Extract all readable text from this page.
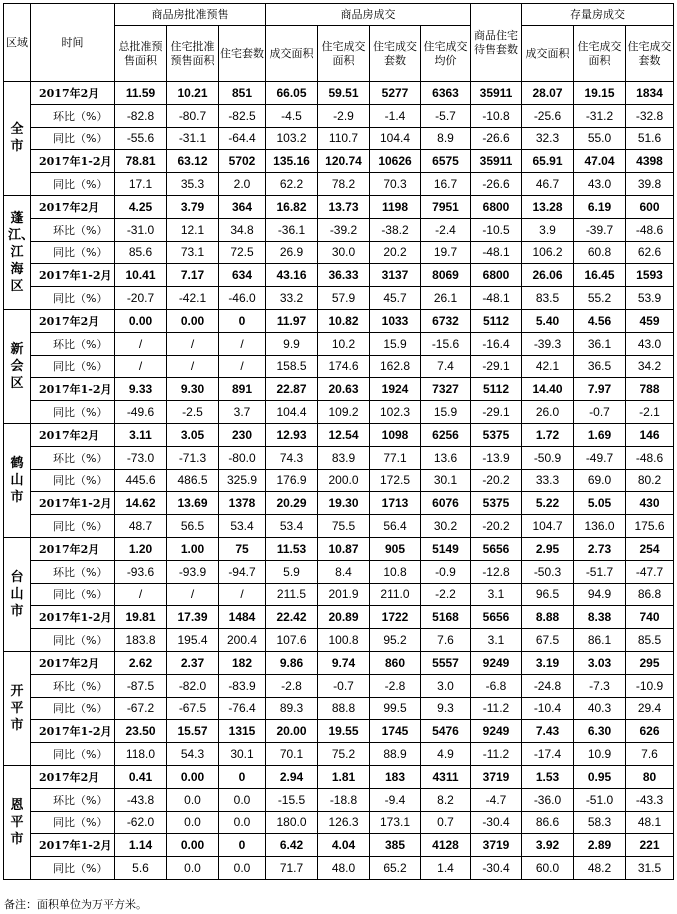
区域	时间	商品房批准预售			商品房成交				商品住宅待售套数	存量房成交		
		总批准预售面积	住宅批准预售面积	住宅套数	成交面积	住宅成交面积	住宅成交套数	住宅成交均价		成交面积	住宅成交面积	住宅成交套数
全市	2017年2月	11.59	10.21	851	66.05	59.51	5277	6363	35911	28.07	19.15	1834
	环比（%）	-82.8	-80.7	-82.5	-4.5	-2.9	-1.4	-5.7	-10.8	-25.6	-31.2	-32.8
	同比（%）	-55.6	-31.1	-64.4	103.2	110.7	104.4	8.9	-26.6	32.3	55.0	51.6
	2017年1-2月	78.81	63.12	5702	135.16	120.74	10626	6575	35911	65.91	47.04	4398
	同比（%）	17.1	35.3	2.0	62.2	78.2	70.3	16.7	-26.6	46.7	43.0	39.8
蓬江、江海区	2017年2月	4.25	3.79	364	16.82	13.73	1198	7951	6800	13.28	6.19	600
	环比（%）	-31.0	12.1	34.8	-36.1	-39.2	-38.2	-2.4	-10.5	3.9	-39.7	-48.6
	同比（%）	85.6	73.1	72.5	26.9	30.0	20.2	19.7	-48.1	106.2	60.8	62.6
	2017年1-2月	10.41	7.17	634	43.16	36.33	3137	8069	6800	26.06	16.45	1593
	同比（%）	-20.7	-42.1	-46.0	33.2	57.9	45.7	26.1	-48.1	83.5	55.2	53.9
新会区	2017年2月	0.00	0.00	0	11.97	10.82	1033	6732	5112	5.40	4.56	459
	环比（%）	/	/	/	9.9	10.2	15.9	-15.6	-16.4	-39.3	36.1	43.0
	同比（%）	/	/	/	158.5	174.6	162.8	7.4	-29.1	42.1	36.5	34.2
	2017年1-2月	9.33	9.30	891	22.87	20.63	1924	7327	5112	14.40	7.97	788
	同比（%）	-49.6	-2.5	3.7	104.4	109.2	102.3	15.9	-29.1	26.0	-0.7	-2.1
鹤山市	2017年2月	3.11	3.05	230	12.93	12.54	1098	6256	5375	1.72	1.69	146
	环比（%）	-73.0	-71.3	-80.0	74.3	83.9	77.1	13.6	-13.9	-50.9	-49.7	-48.6
	同比（%）	445.6	486.5	325.9	176.9	200.0	172.5	30.1	-20.2	33.3	69.0	80.2
	2017年1-2月	14.62	13.69	1378	20.29	19.30	1713	6076	5375	5.22	5.05	430
	同比（%）	48.7	56.5	53.4	53.4	75.5	56.4	30.2	-20.2	104.7	136.0	175.6
台山市	2017年2月	1.20	1.00	75	11.53	10.87	905	5149	5656	2.95	2.73	254
	环比（%）	-93.6	-93.9	-94.7	5.9	8.4	10.8	-0.9	-12.8	-50.3	-51.7	-47.7
	同比（%）	/	/	/	211.5	201.9	211.0	-2.2	3.1	96.5	94.9	86.8
	2017年1-2月	19.81	17.39	1484	22.42	20.89	1722	5168	5656	8.88	8.38	740
	同比（%）	183.8	195.4	200.4	107.6	100.8	95.2	7.6	3.1	67.5	86.1	85.5
开平市	2017年2月	2.62	2.37	182	9.86	9.74	860	5557	9249	3.19	3.03	295
	环比（%）	-87.5	-82.0	-83.9	-2.8	-0.7	-2.8	3.0	-6.8	-24.8	-7.3	-10.9
	同比（%）	-67.2	-67.5	-76.4	89.3	88.8	99.5	9.3	-11.2	-10.4	40.3	29.4
	2017年1-2月	23.50	15.57	1315	20.00	19.55	1745	5476	9249	7.43	6.30	626
	同比（%）	118.0	54.3	30.1	70.1	75.2	88.9	4.9	-11.2	-17.4	10.9	7.6
恩平市	2017年2月	0.41	0.00	0	2.94	1.81	183	4311	3719	1.53	0.95	80
	环比（%）	-43.8	0.0	0.0	-15.5	-18.8	-9.4	8.2	-4.7	-36.0	-51.0	-43.3
	同比（%）	-62.0	0.0	0.0	180.0	126.3	173.1	0.7	-30.4	86.6	58.3	48.1
	2017年1-2月	1.14	0.00	0	6.42	4.04	385	4128	3719	3.92	2.89	221
	同比（%）	5.6	0.0	0.0	71.7	48.0	65.2	1.4	-30.4	60.0	48.2	31.5
备注：面积单位为万平方米。
